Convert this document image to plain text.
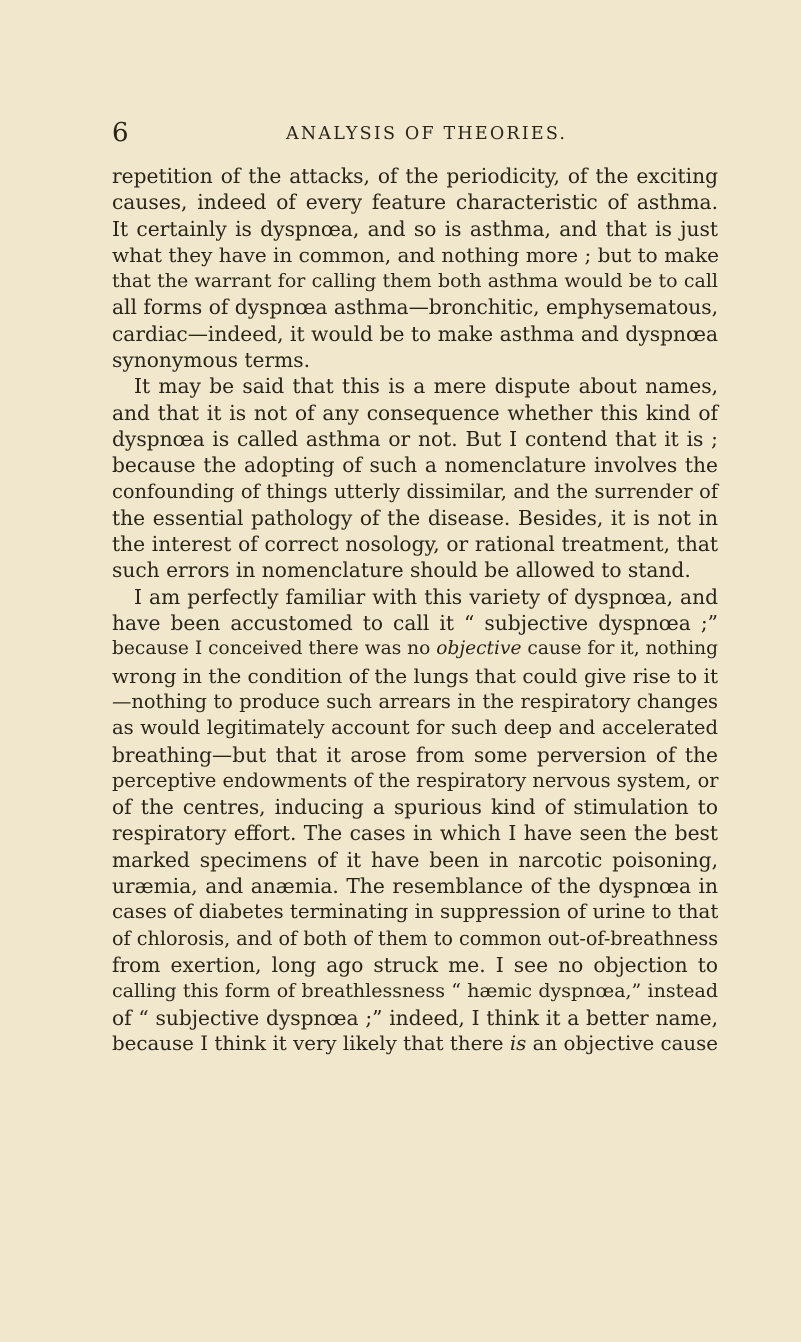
6	ANALYSIS OF THEORIES.
repetition of the attacks, of the periodicity, of the exciting
causes, indeed of every feature characteristic of asthma.
It certainly is dyspnœa, and so is asthma, and that is just
what they have in common, and nothing more ; but to make
that the warrant for calling them both asthma would be to call
all forms of dyspnœa asthma—bronchitic, emphysematous,
cardiac—indeed, it would be to make asthma and dyspnœa
synonymous terms.
It may be said that this is a mere dispute about names,
and that it is not of any consequence whether this kind of
dyspnœa is called asthma or not. But I contend that it is ;
because the adopting of such a nomenclature involves the
confounding of things utterly dissimilar, and the surrender of
the essential pathology of the disease. Besides, it is not in
the interest of correct nosology, or rational treatment, that
such errors in nomenclature should be allowed to stand.
I am perfectly familiar with this variety of dyspnœa, and
have been accustomed to call it “ subjective dyspnœa ;”
because I conceived there was no objective cause for it, nothing
wrong in the condition of the lungs that could give rise to it
—nothing to produce such arrears in the respiratory changes
as would legitimately account for such deep and accelerated
breathing—but that it arose from some perversion of the
perceptive endowments of the respiratory nervous system, or
of the centres, inducing a spurious kind of stimulation to
respiratory effort. The cases in which I have seen the best
marked specimens of it have been in narcotic poisoning,
uræmia, and anæmia. The resemblance of the dyspnœa in
cases of diabetes terminating in suppression of urine to that
of chlorosis, and of both of them to common out-of-breathness
from exertion, long ago struck me. I see no objection to
calling this form of breathlessness “ hæmic dyspnœa,” instead
of “ subjective dyspnœa ;” indeed, I think it a better name,
because I think it very likely that there is an objective cause
